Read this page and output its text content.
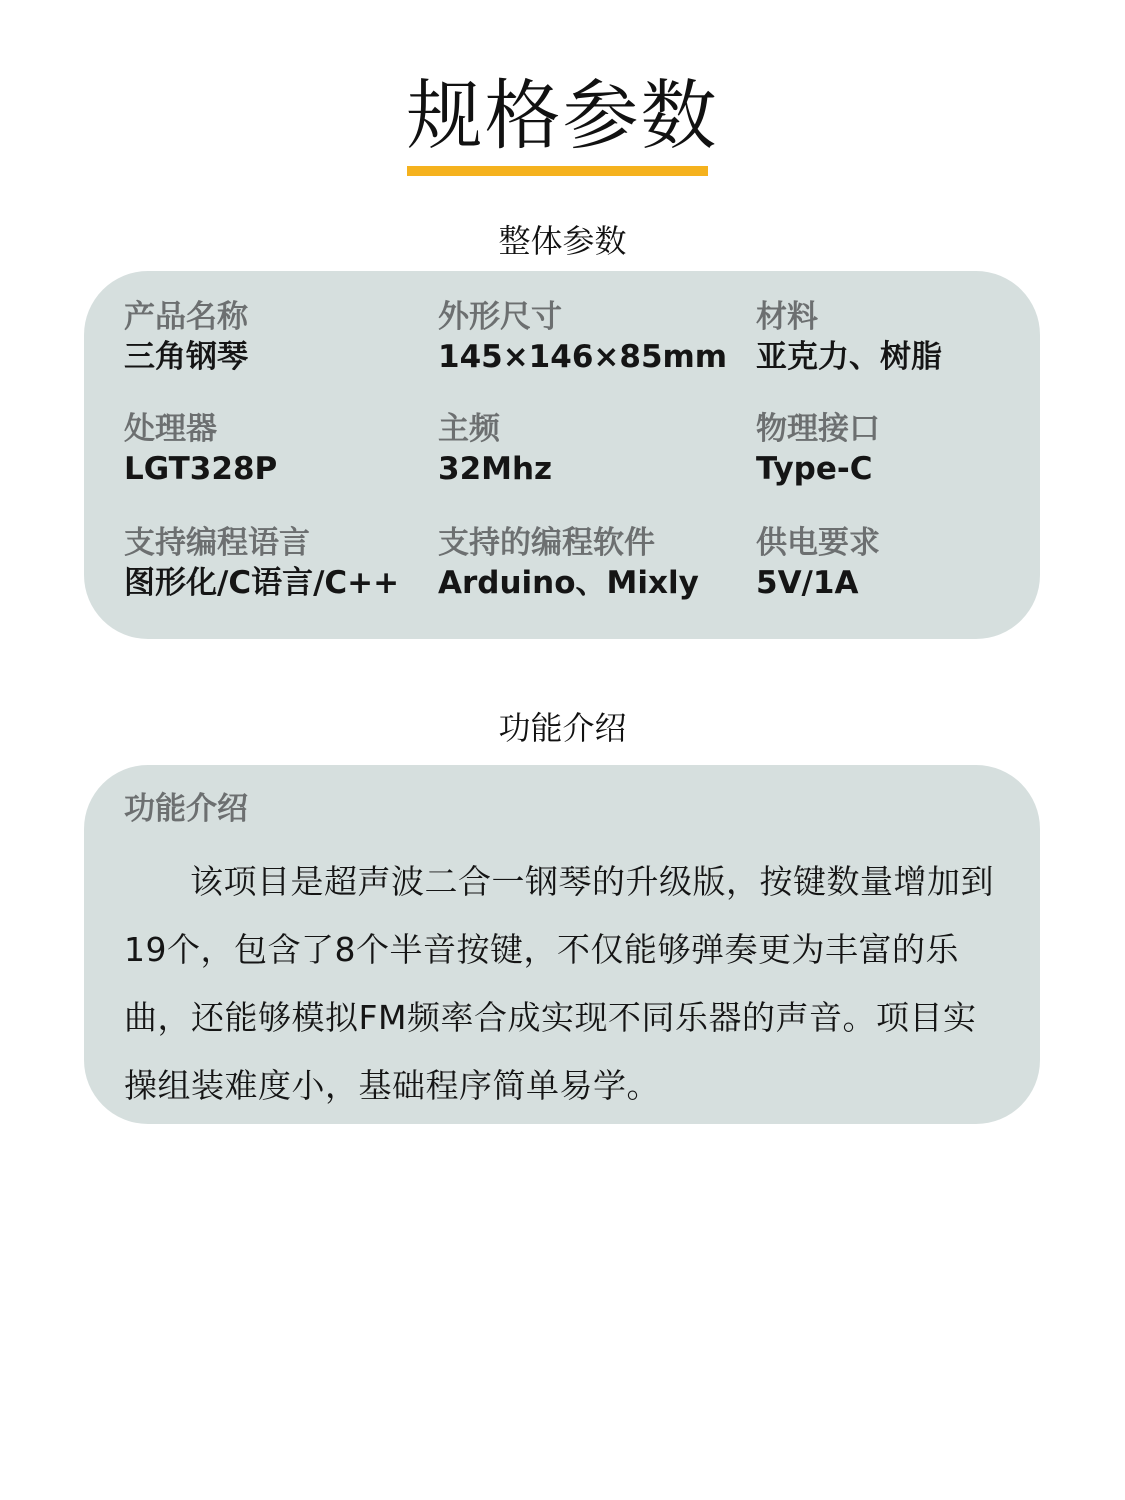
规格参数
整体参数
产品名称
三角钢琴
外形尺寸
145×146×85mm
材料
亚克力、树脂
处理器
LGT328P
主频
32Mhz
物理接口
Type-C
支持编程语言
图形化/C语言/C++
支持的编程软件
Arduino、Mixly
供电要求
5V/1A
功能介绍
功能介绍
该项目是超声波二合一钢琴的升级版，按键数量增加到19个，包含了8个半音按键，不仅能够弹奏更为丰富的乐曲，还能够模拟FM频率合成实现不同乐器的声音。项目实操组装难度小，基础程序简单易学。
